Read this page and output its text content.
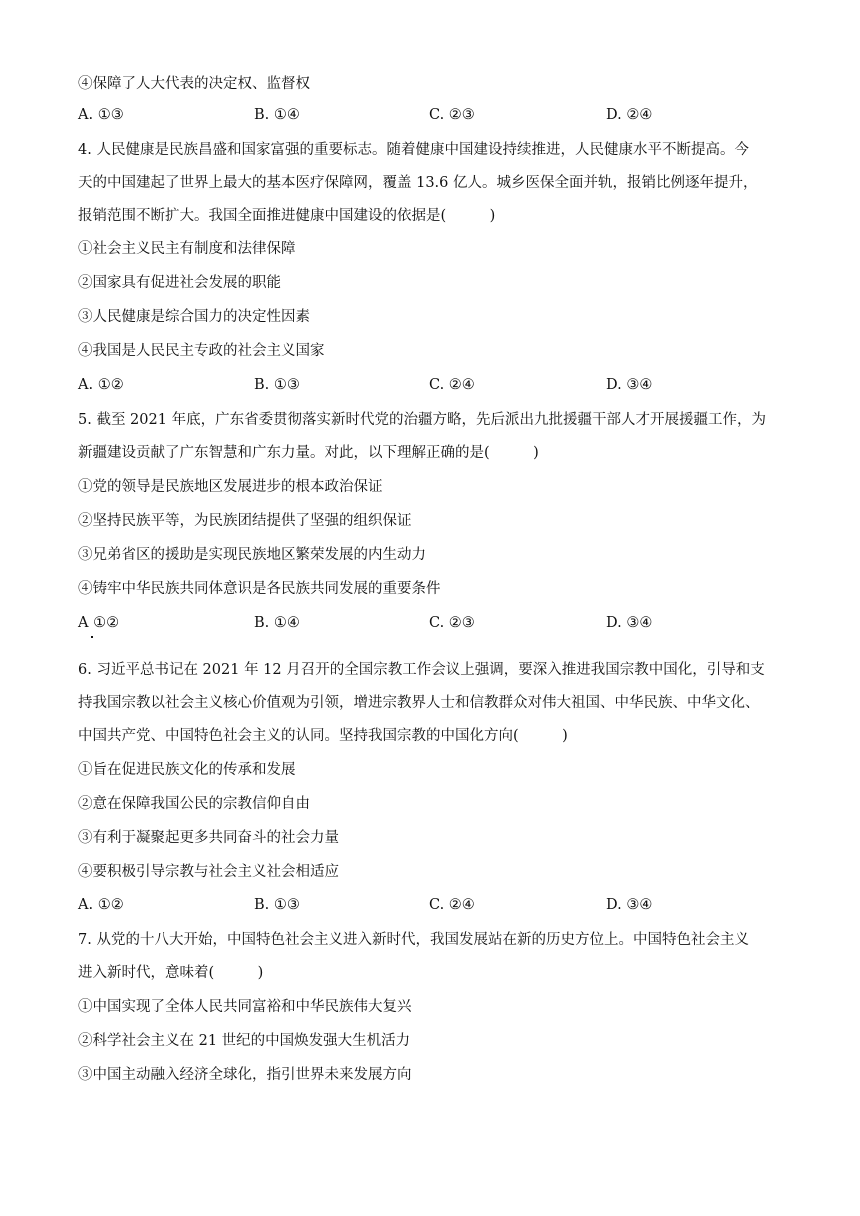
④保障了人大代表的决定权、监督权
A. ①③	B. ①④	C. ②③	D. ②④
4. 人民健康是民族昌盛和国家富强的重要标志。随着健康中国建设持续推进，人民健康水平不断提高。今
天的中国建起了世界上最大的基本医疗保障网，覆盖 13.6 亿人。城乡医保全面并轨，报销比例逐年提升，
报销范围不断扩大。我国全面推进健康中国建设的依据是(　　　)
①社会主义民主有制度和法律保障
②国家具有促进社会发展的职能
③人民健康是综合国力的决定性因素
④我国是人民民主专政的社会主义国家
A. ①②	B. ①③	C. ②④	D. ③④
5. 截至 2021 年底，广东省委贯彻落实新时代党的治疆方略，先后派出九批援疆干部人才开展援疆工作，为
新疆建设贡献了广东智慧和广东力量。对此，以下理解正确的是(　　　)
①党的领导是民族地区发展进步的根本政治保证
②坚持民族平等，为民族团结提供了坚强的组织保证
③兄弟省区的援助是实现民族地区繁荣发展的内生动力
④铸牢中华民族共同体意识是各民族共同发展的重要条件
A ①②	B. ①④	C. ②③	D. ③④
6. 习近平总书记在 2021 年 12 月召开的全国宗教工作会议上强调，要深入推进我国宗教中国化，引导和支
持我国宗教以社会主义核心价值观为引领，增进宗教界人士和信教群众对伟大祖国、中华民族、中华文化、
中国共产党、中国特色社会主义的认同。坚持我国宗教的中国化方向(　　　)
①旨在促进民族文化的传承和发展
②意在保障我国公民的宗教信仰自由
③有利于凝聚起更多共同奋斗的社会力量
④要积极引导宗教与社会主义社会相适应
A. ①②	B. ①③	C. ②④	D. ③④
7. 从党的十八大开始，中国特色社会主义进入新时代，我国发展站在新的历史方位上。中国特色社会主义
进入新时代，意味着(　　　)
①中国实现了全体人民共同富裕和中华民族伟大复兴
②科学社会主义在 21 世纪的中国焕发强大生机活力
③中国主动融入经济全球化，指引世界未来发展方向
